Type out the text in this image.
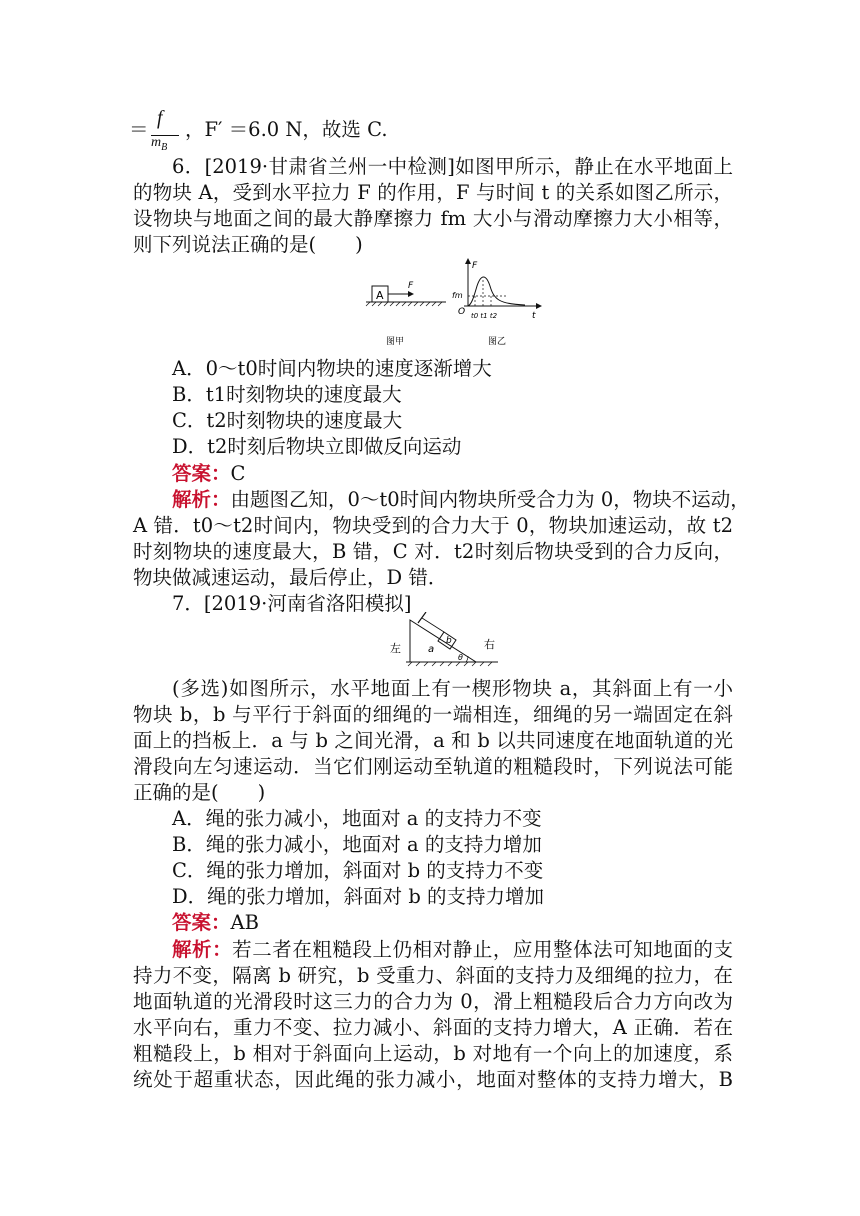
＝ f
$m_B$
，F′ ＝6.0 N，故选 C.
6．[2019·甘肃省兰州一中检测]如图甲所示，静止在水平地面上
的物块 A，受到水平拉力 F 的作用，F 与时间 t 的关系如图乙所示，
设物块与地面之间的最大静摩擦力 fm 大小与滑动摩擦力大小相等，
则下列说法正确的是(　　)
A
F
图甲
F
t
O
fm
t0 t1 t2
图乙
A．0～t0时间内物块的速度逐渐增大
B．t1时刻物块的速度最大
C．t2时刻物块的速度最大
D．t2时刻后物块立即做反向运动
答案：C
解析：由题图乙知，0～t0时间内物块所受合力为 0，物块不运动，
A 错．t0～t2时间内，物块受到的合力大于 0，物块加速运动，故 t2
时刻物块的速度最大，B 错，C 对．t2时刻后物块受到的合力反向，
物块做减速运动，最后停止，D 错．
7．[2019·河南省洛阳模拟]
左	右
a
b
θ
(多选)如图所示，水平地面上有一楔形物块 a，其斜面上有一小
物块 b，b 与平行于斜面的细绳的一端相连，细绳的另一端固定在斜
面上的挡板上．a 与 b 之间光滑，a 和 b 以共同速度在地面轨道的光
滑段向左匀速运动．当它们刚运动至轨道的粗糙段时，下列说法可能
正确的是(　　)
A．绳的张力减小，地面对 a 的支持力不变
B．绳的张力减小，地面对 a 的支持力增加
C．绳的张力增加，斜面对 b 的支持力不变
D．绳的张力增加，斜面对 b 的支持力增加
答案：AB
解析：若二者在粗糙段上仍相对静止，应用整体法可知地面的支
持力不变，隔离 b 研究，b 受重力、斜面的支持力及细绳的拉力，在
地面轨道的光滑段时这三力的合力为 0，滑上粗糙段后合力方向改为
水平向右，重力不变、拉力减小、斜面的支持力增大，A 正确．若在
粗糙段上，b 相对于斜面向上运动，b 对地有一个向上的加速度，系
统处于超重状态，因此绳的张力减小，地面对整体的支持力增大，B
